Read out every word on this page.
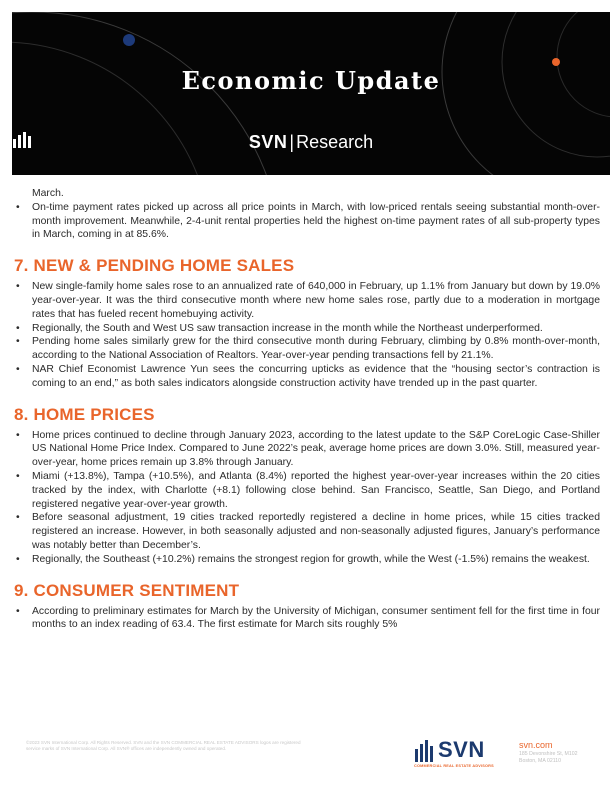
Economic Update
SVN | Research
March.
• On-time payment rates picked up across all price points in March, with low-priced rentals seeing substantial month-over-month improvement. Meanwhile, 2-4-unit rental properties held the highest on-time payment rates of all sub-property types in March, coming in at 85.6%.
7. NEW & PENDING HOME SALES
• New single-family home sales rose to an annualized rate of 640,000 in February, up 1.1% from January but down by 19.0% year-over-year. It was the third consecutive month where new home sales rose, partly due to a moderation in mortgage rates that has fueled recent homebuying activity.
• Regionally, the South and West US saw transaction increase in the month while the Northeast underperformed.
• Pending home sales similarly grew for the third consecutive month during February, climbing by 0.8% month-over-month, according to the National Association of Realtors. Year-over-year pending transactions fell by 21.1%.
• NAR Chief Economist Lawrence Yun sees the concurring upticks as evidence that the “housing sector’s contraction is coming to an end,” as both sales indicators alongside construction activity have trended up in the past quarter.
8. HOME PRICES
• Home prices continued to decline through January 2023, according to the latest update to the S&P CoreLogic Case-Shiller US National Home Price Index. Compared to June 2022’s peak, average home prices are down 3.0%. Still, measured year-over-year, home prices remain up 3.8% through January.
• Miami (+13.8%), Tampa (+10.5%), and Atlanta (8.4%) reported the highest year-over-year increases within the 20 cities tracked by the index, with Charlotte (+8.1) following close behind. San Francisco, Seattle, San Diego, and Portland registered negative year-over-year growth.
• Before seasonal adjustment, 19 cities tracked reportedly registered a decline in home prices, while 15 cities tracked registered an increase. However, in both seasonally adjusted and non-seasonally adjusted figures, January’s performance was notably better than December’s.
• Regionally, the Southeast (+10.2%) remains the strongest region for growth, while the West (-1.5%) remains the weakest.
9. CONSUMER SENTIMENT
• According to preliminary estimates for March by the University of Michigan, consumer sentiment fell for the first time in four months to an index reading of 63.4. The first estimate for March sits roughly 5%
©2023 SVN International Corp. All Rights Reserved. SVN and the SVN COMMERCIAL REAL ESTATE ADVISORS logos are registered service marks of SVN International Corp. All SVN® offices are independently owned and operated.	SVN
COMMERCIAL REAL ESTATE ADVISORS
svn.com
185 Devonshire St, M102
Boston, MA 02110
